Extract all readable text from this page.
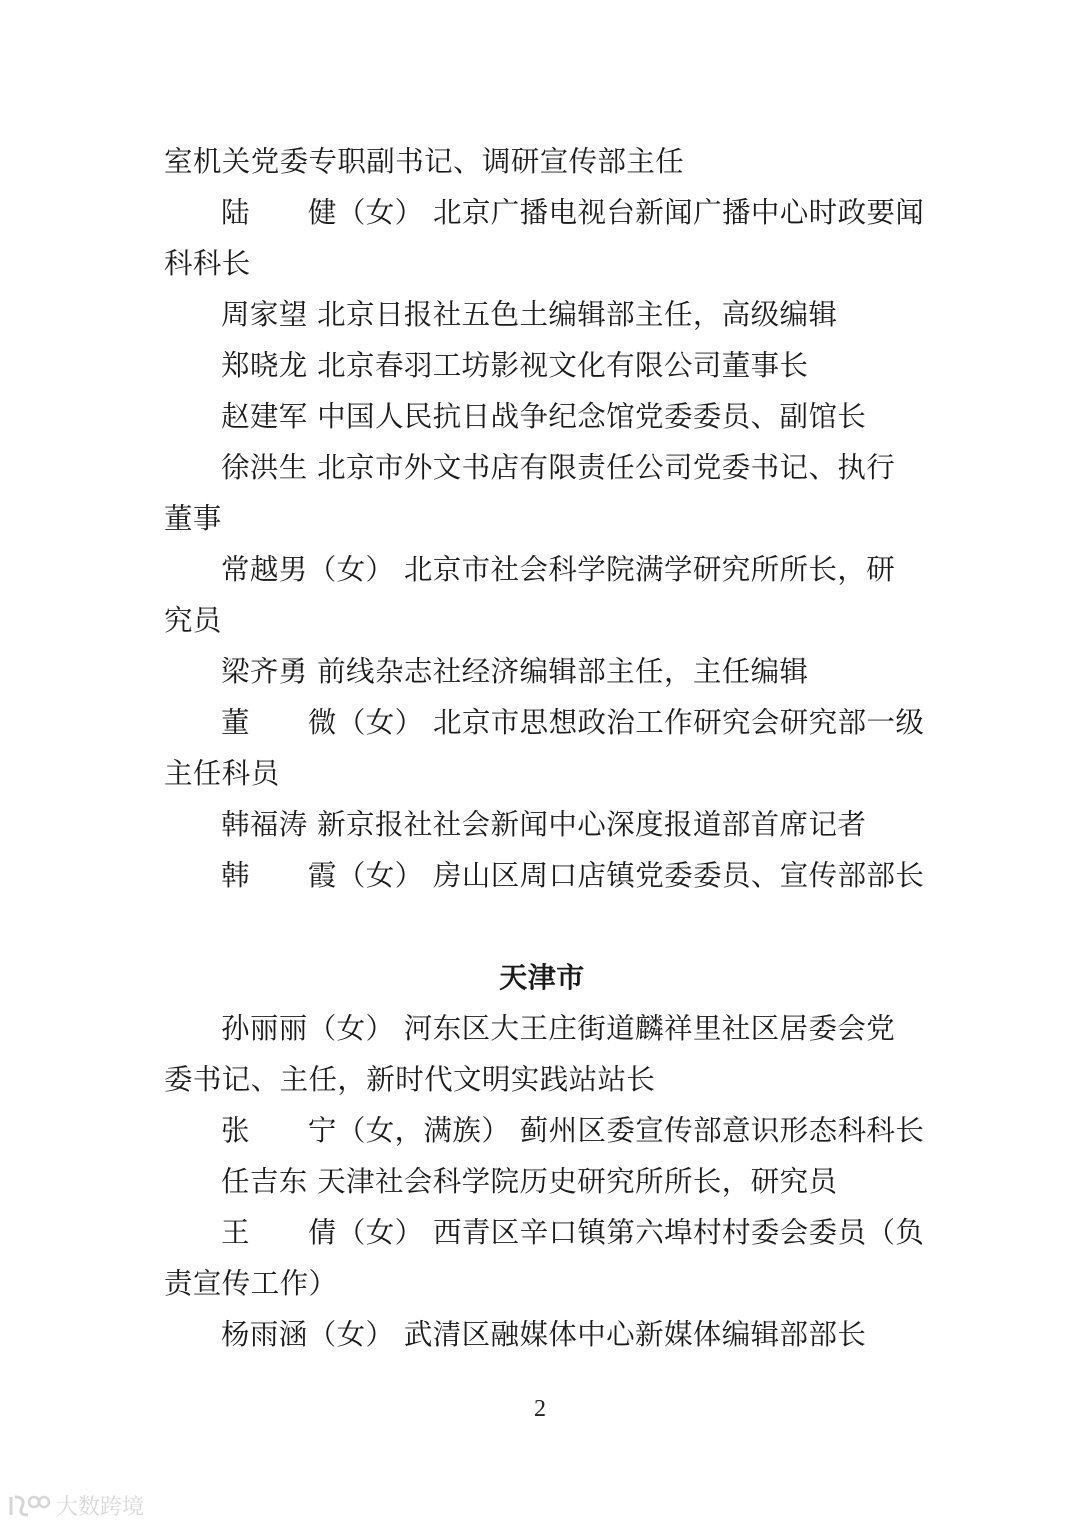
室机关党委专职副书记、调研宣传部主任
陆 健（女） 北京广播电视台新闻广播中心时政要闻
科科长
周家望 北京日报社五色土编辑部主任，高级编辑
郑晓龙 北京春羽工坊影视文化有限公司董事长
赵建军 中国人民抗日战争纪念馆党委委员、副馆长
徐洪生 北京市外文书店有限责任公司党委书记、执行
董事
常越男（女） 北京市社会科学院满学研究所所长，研
究员
梁齐勇 前线杂志社经济编辑部主任，主任编辑
董 微（女） 北京市思想政治工作研究会研究部一级
主任科员
韩福涛 新京报社社会新闻中心深度报道部首席记者
韩 霞（女） 房山区周口店镇党委委员、宣传部部长
天津市
孙丽丽（女） 河东区大王庄街道麟祥里社区居委会党
委书记、主任，新时代文明实践站站长
张 宁（女，满族） 蓟州区委宣传部意识形态科科长
任吉东 天津社会科学院历史研究所所长，研究员
王 倩（女） 西青区辛口镇第六埠村村委会委员（负
责宣传工作）
杨雨涵（女） 武清区融媒体中心新媒体编辑部部长
2
大数跨境
